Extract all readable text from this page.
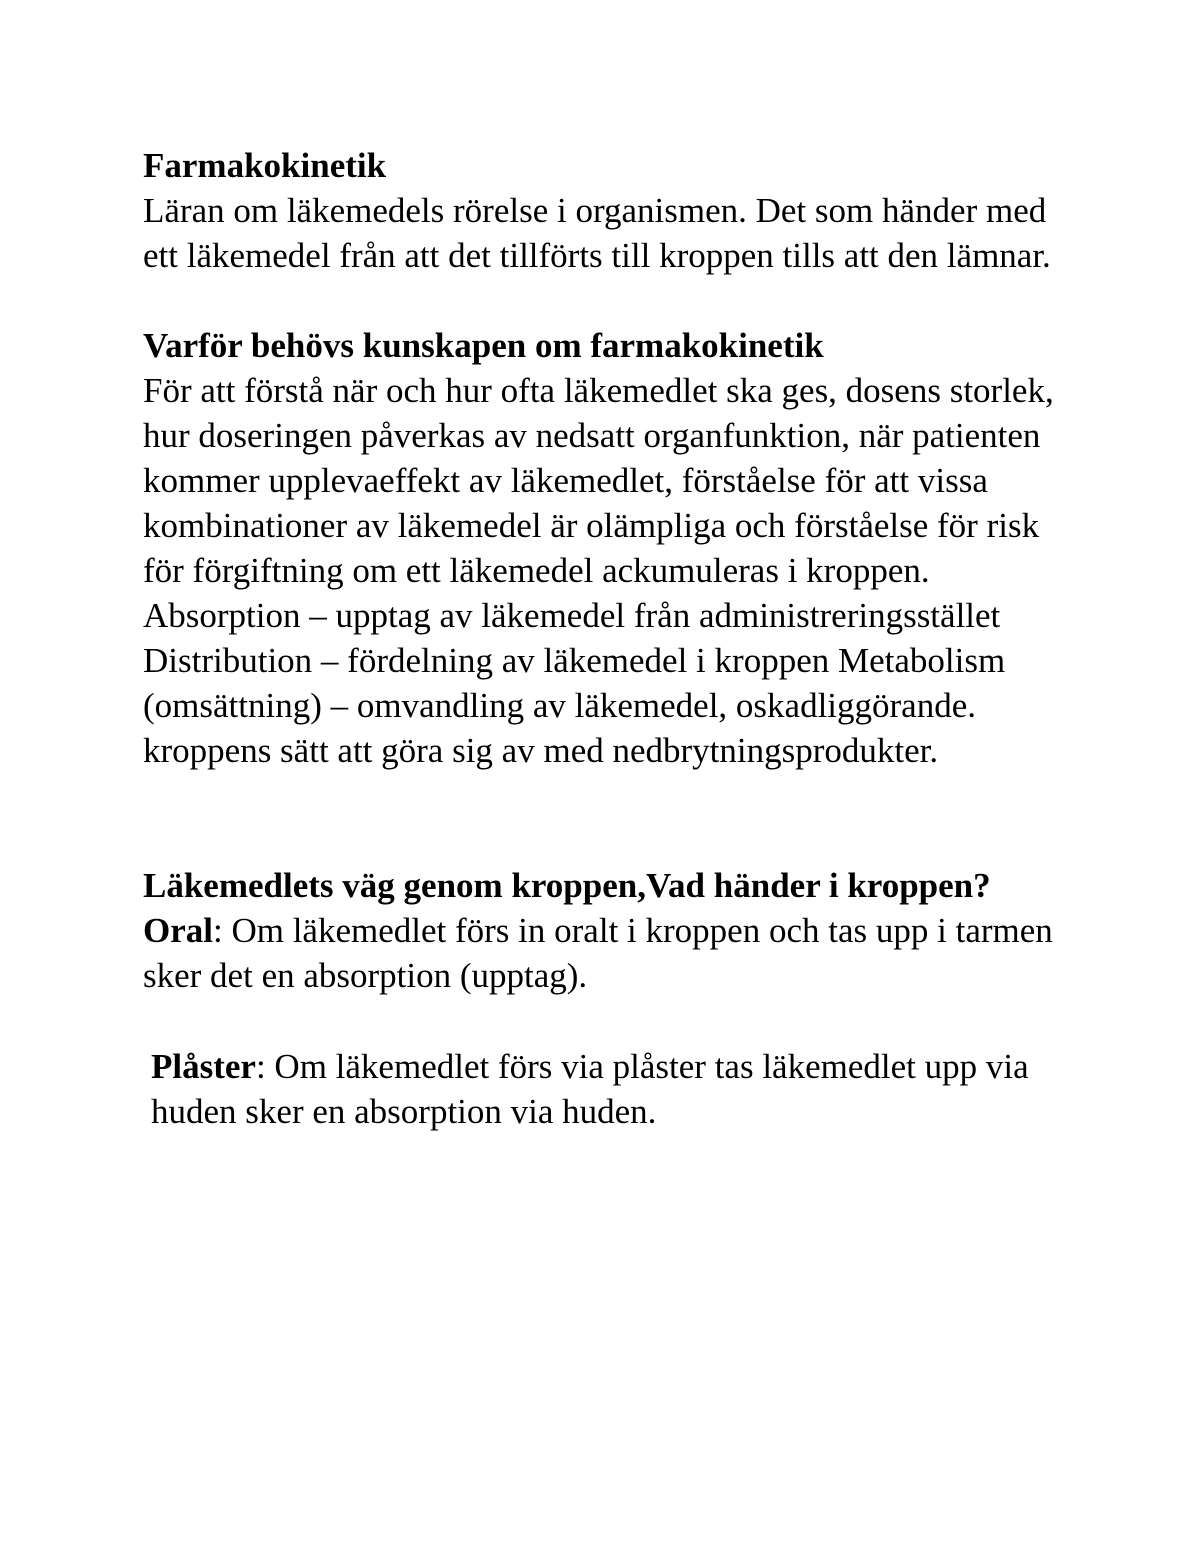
Farmakokinetik

Läran om läkemedels rörelse i organismen. Det som händer med ett läkemedel från att det tillförts till kroppen tills att den lämnar.

Varför behövs kunskapen om farmakokinetik

För att förstå när och hur ofta läkemedlet ska ges, dosens storlek, hur doseringen påverkas av nedsatt organfunktion, när patienten kommer upplevaeffekt av läkemedlet, förståelse för att vissa kombinationer av läkemedel är olämpliga och förståelse för risk för förgiftning om ett läkemedel ackumuleras i kroppen. Absorption – upptag av läkemedel från administreringsstället Distribution – fördelning av läkemedel i kroppen Metabolism (omsättning) – omvandling av läkemedel, oskadliggörande. kroppens sätt att göra sig av med nedbrytningsprodukter.

Läkemedlets väg genom kroppen,Vad händer i kroppen?

Oral: Om läkemedlet förs in oralt i kroppen och tas upp i tarmen sker det en absorption (upptag).

Plåster: Om läkemedlet förs via plåster tas läkemedlet upp via huden sker en absorption via huden.
